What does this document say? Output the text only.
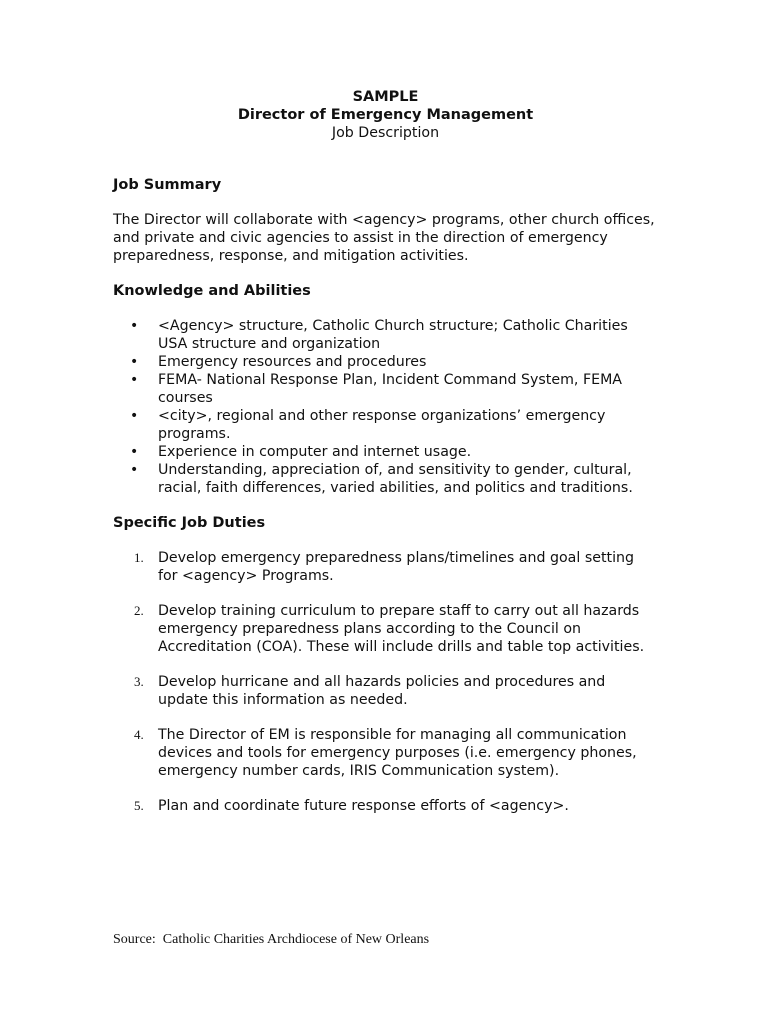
SAMPLE
Director of Emergency Management
Job Description
Job Summary

The Director will collaborate with <agency> programs, other church offices, and private and civic agencies to assist in the direction of emergency preparedness, response, and mitigation activities.

Knowledge and Abilities
• <Agency> structure, Catholic Church structure; Catholic Charities USA structure and organization
• Emergency resources and procedures
• FEMA- National Response Plan, Incident Command System, FEMA courses
• <city>, regional and other response organizations’ emergency programs.
• Experience in computer and internet usage.
• Understanding, appreciation of, and sensitivity to gender, cultural, racial, faith differences, varied abilities, and politics and traditions.
Specific Job Duties
1. Develop emergency preparedness plans/timelines and goal setting for <agency> Programs.
2. Develop training curriculum to prepare staff to carry out all hazards emergency preparedness plans according to the Council on Accreditation (COA). These will include drills and table top activities.
3. Develop hurricane and all hazards policies and procedures and update this information as needed.
4. The Director of EM is responsible for managing all communication devices and tools for emergency purposes (i.e. emergency phones, emergency number cards, IRIS Communication system).
5. Plan and coordinate future response efforts of <agency>.
Source:  Catholic Charities Archdiocese of New Orleans
